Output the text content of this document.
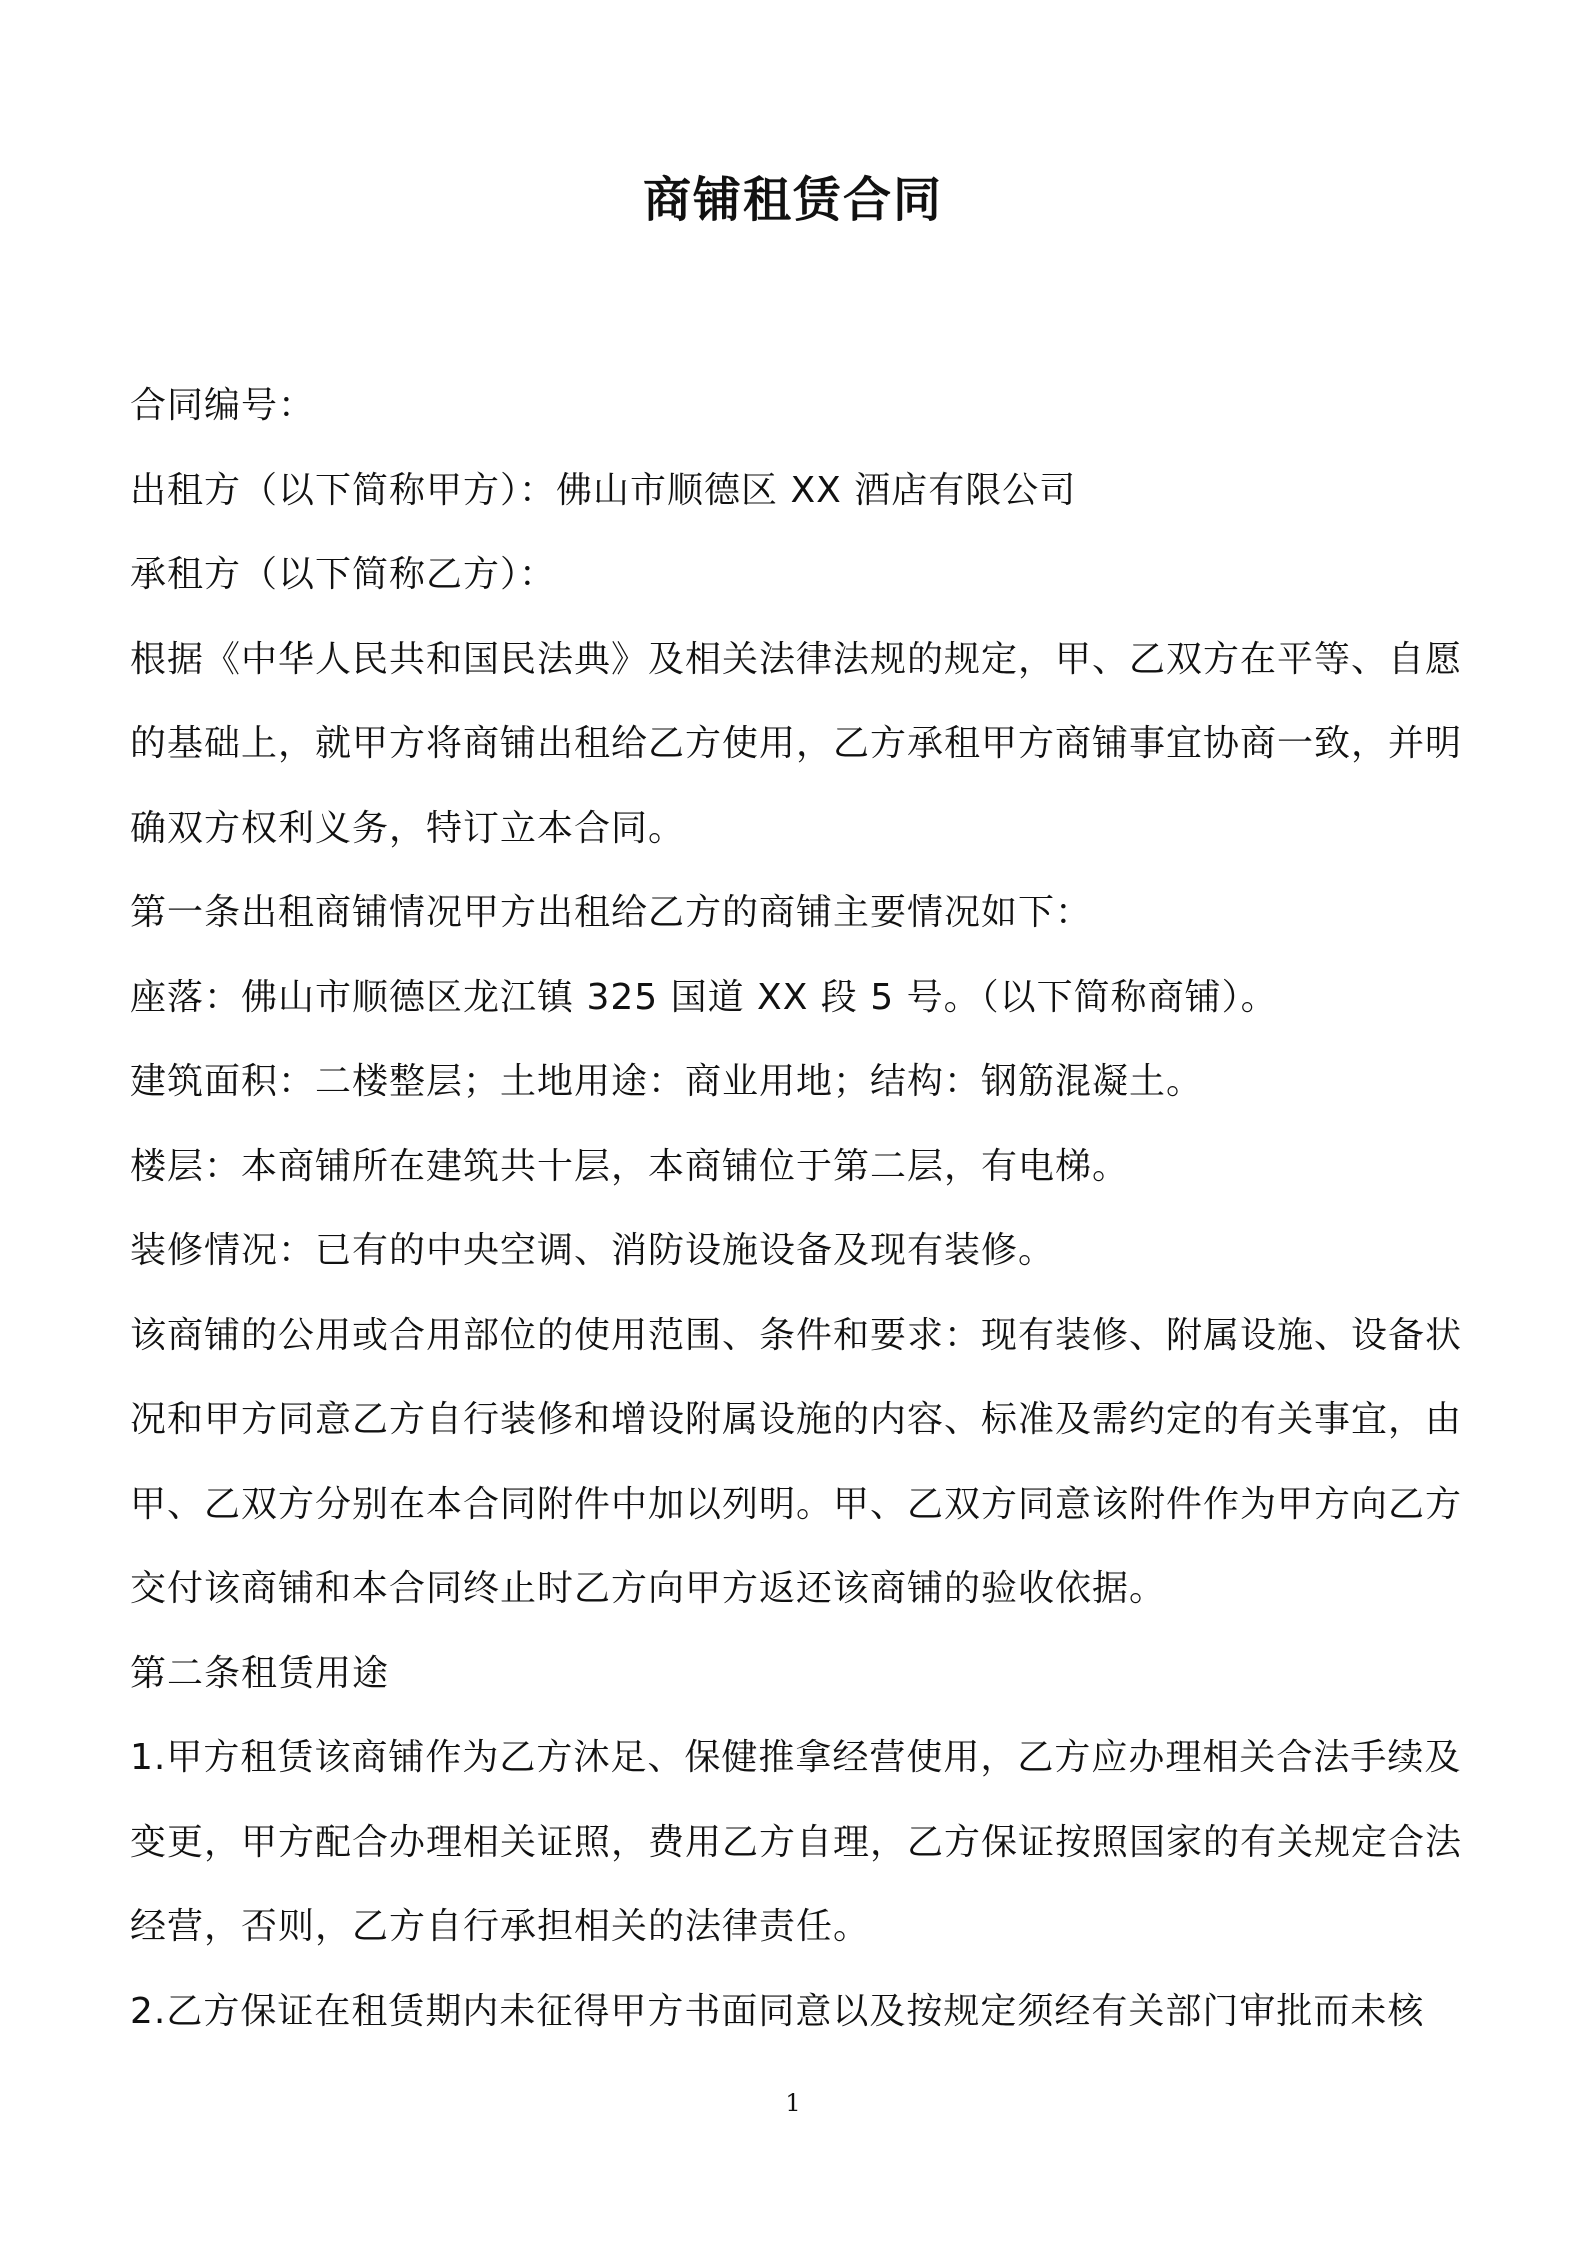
商铺租赁合同

合同编号：

出租方（以下简称甲方）：佛山市顺德区 XX 酒店有限公司

承租方（以下简称乙方）：

根据《中华人民共和国民法典》及相关法律法规的规定，甲、乙双方在平等、自愿

的基础上，就甲方将商铺出租给乙方使用，乙方承租甲方商铺事宜协商一致，并明

确双方权利义务，特订立本合同。

第一条出租商铺情况甲方出租给乙方的商铺主要情况如下：

座落：佛山市顺德区龙江镇 325 国道 XX 段 5 号。（以下简称商铺）。

建筑面积：二楼整层；土地用途：商业用地；结构：钢筋混凝土。

楼层：本商铺所在建筑共十层，本商铺位于第二层，有电梯。

装修情况：已有的中央空调、消防设施设备及现有装修。

该商铺的公用或合用部位的使用范围、条件和要求：现有装修、附属设施、设备状

况和甲方同意乙方自行装修和增设附属设施的内容、标准及需约定的有关事宜，由

甲、乙双方分别在本合同附件中加以列明。甲、乙双方同意该附件作为甲方向乙方

交付该商铺和本合同终止时乙方向甲方返还该商铺的验收依据。

第二条租赁用途

1.甲方租赁该商铺作为乙方沐足、保健推拿经营使用，乙方应办理相关合法手续及

变更，甲方配合办理相关证照，费用乙方自理，乙方保证按照国家的有关规定合法

经营，否则，乙方自行承担相关的法律责任。

2.乙方保证在租赁期内未征得甲方书面同意以及按规定须经有关部门审批而未核

1
